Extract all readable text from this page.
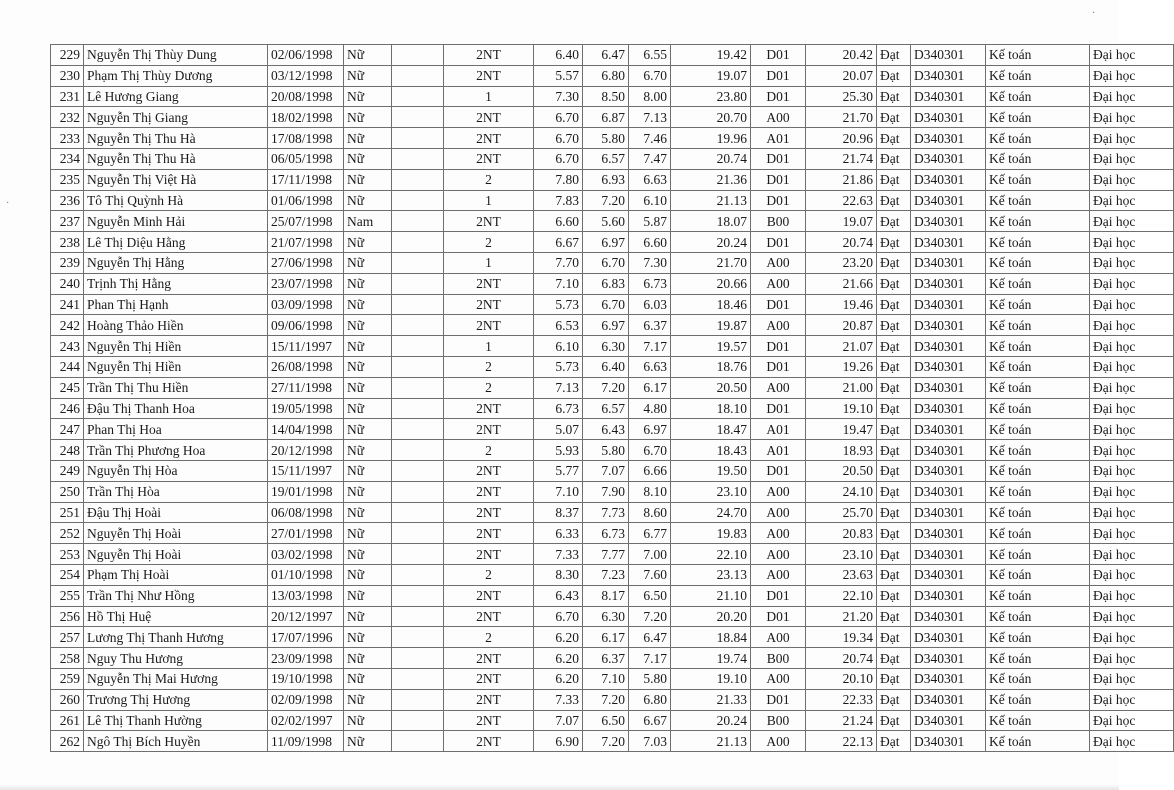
229	Nguyễn Thị Thùy Dung	02/06/1998	Nữ		2NT	6.40	6.47	6.55	19.42	D01	20.42	Đạt	D340301	Kế toán	Đại học
230	Phạm Thị Thùy Dương	03/12/1998	Nữ		2NT	5.57	6.80	6.70	19.07	D01	20.07	Đạt	D340301	Kế toán	Đại học
231	Lê Hương Giang	20/08/1998	Nữ		1	7.30	8.50	8.00	23.80	D01	25.30	Đạt	D340301	Kế toán	Đại học
232	Nguyễn Thị Giang	18/02/1998	Nữ		2NT	6.70	6.87	7.13	20.70	A00	21.70	Đạt	D340301	Kế toán	Đại học
233	Nguyễn Thị Thu Hà	17/08/1998	Nữ		2NT	6.70	5.80	7.46	19.96	A01	20.96	Đạt	D340301	Kế toán	Đại học
234	Nguyễn Thị Thu Hà	06/05/1998	Nữ		2NT	6.70	6.57	7.47	20.74	D01	21.74	Đạt	D340301	Kế toán	Đại học
235	Nguyễn Thị Việt Hà	17/11/1998	Nữ		2	7.80	6.93	6.63	21.36	D01	21.86	Đạt	D340301	Kế toán	Đại học
236	Tô Thị Quỳnh Hà	01/06/1998	Nữ		1	7.83	7.20	6.10	21.13	D01	22.63	Đạt	D340301	Kế toán	Đại học
237	Nguyễn Minh Hải	25/07/1998	Nam		2NT	6.60	5.60	5.87	18.07	B00	19.07	Đạt	D340301	Kế toán	Đại học
238	Lê Thị Diệu Hằng	21/07/1998	Nữ		2	6.67	6.97	6.60	20.24	D01	20.74	Đạt	D340301	Kế toán	Đại học
239	Nguyễn Thị Hằng	27/06/1998	Nữ		1	7.70	6.70	7.30	21.70	A00	23.20	Đạt	D340301	Kế toán	Đại học
240	Trịnh Thị Hằng	23/07/1998	Nữ		2NT	7.10	6.83	6.73	20.66	A00	21.66	Đạt	D340301	Kế toán	Đại học
241	Phan Thị Hạnh	03/09/1998	Nữ		2NT	5.73	6.70	6.03	18.46	D01	19.46	Đạt	D340301	Kế toán	Đại học
242	Hoàng Thảo Hiền	09/06/1998	Nữ		2NT	6.53	6.97	6.37	19.87	A00	20.87	Đạt	D340301	Kế toán	Đại học
243	Nguyễn Thị Hiền	15/11/1997	Nữ		1	6.10	6.30	7.17	19.57	D01	21.07	Đạt	D340301	Kế toán	Đại học
244	Nguyễn Thị Hiền	26/08/1998	Nữ		2	5.73	6.40	6.63	18.76	D01	19.26	Đạt	D340301	Kế toán	Đại học
245	Trần Thị Thu Hiền	27/11/1998	Nữ		2	7.13	7.20	6.17	20.50	A00	21.00	Đạt	D340301	Kế toán	Đại học
246	Đậu Thị Thanh Hoa	19/05/1998	Nữ		2NT	6.73	6.57	4.80	18.10	D01	19.10	Đạt	D340301	Kế toán	Đại học
247	Phan Thị Hoa	14/04/1998	Nữ		2NT	5.07	6.43	6.97	18.47	A01	19.47	Đạt	D340301	Kế toán	Đại học
248	Trần Thị Phương Hoa	20/12/1998	Nữ		2	5.93	5.80	6.70	18.43	A01	18.93	Đạt	D340301	Kế toán	Đại học
249	Nguyễn Thị Hòa	15/11/1997	Nữ		2NT	5.77	7.07	6.66	19.50	D01	20.50	Đạt	D340301	Kế toán	Đại học
250	Trần Thị Hòa	19/01/1998	Nữ		2NT	7.10	7.90	8.10	23.10	A00	24.10	Đạt	D340301	Kế toán	Đại học
251	Đậu Thị Hoài	06/08/1998	Nữ		2NT	8.37	7.73	8.60	24.70	A00	25.70	Đạt	D340301	Kế toán	Đại học
252	Nguyễn Thị Hoài	27/01/1998	Nữ		2NT	6.33	6.73	6.77	19.83	A00	20.83	Đạt	D340301	Kế toán	Đại học
253	Nguyễn Thị Hoài	03/02/1998	Nữ		2NT	7.33	7.77	7.00	22.10	A00	23.10	Đạt	D340301	Kế toán	Đại học
254	Phạm Thị Hoài	01/10/1998	Nữ		2	8.30	7.23	7.60	23.13	A00	23.63	Đạt	D340301	Kế toán	Đại học
255	Trần Thị Như Hồng	13/03/1998	Nữ		2NT	6.43	8.17	6.50	21.10	D01	22.10	Đạt	D340301	Kế toán	Đại học
256	Hồ Thị Huệ	20/12/1997	Nữ		2NT	6.70	6.30	7.20	20.20	D01	21.20	Đạt	D340301	Kế toán	Đại học
257	Lương Thị Thanh Hương	17/07/1996	Nữ		2	6.20	6.17	6.47	18.84	A00	19.34	Đạt	D340301	Kế toán	Đại học
258	Nguy Thu Hương	23/09/1998	Nữ		2NT	6.20	6.37	7.17	19.74	B00	20.74	Đạt	D340301	Kế toán	Đại học
259	Nguyễn Thị Mai Hương	19/10/1998	Nữ		2NT	6.20	7.10	5.80	19.10	A00	20.10	Đạt	D340301	Kế toán	Đại học
260	Trương Thị Hương	02/09/1998	Nữ		2NT	7.33	7.20	6.80	21.33	D01	22.33	Đạt	D340301	Kế toán	Đại học
261	Lê Thị Thanh Hường	02/02/1997	Nữ		2NT	7.07	6.50	6.67	20.24	B00	21.24	Đạt	D340301	Kế toán	Đại học
262	Ngô Thị Bích Huyền	11/09/1998	Nữ		2NT	6.90	7.20	7.03	21.13	A00	22.13	Đạt	D340301	Kế toán	Đại học
·
·
